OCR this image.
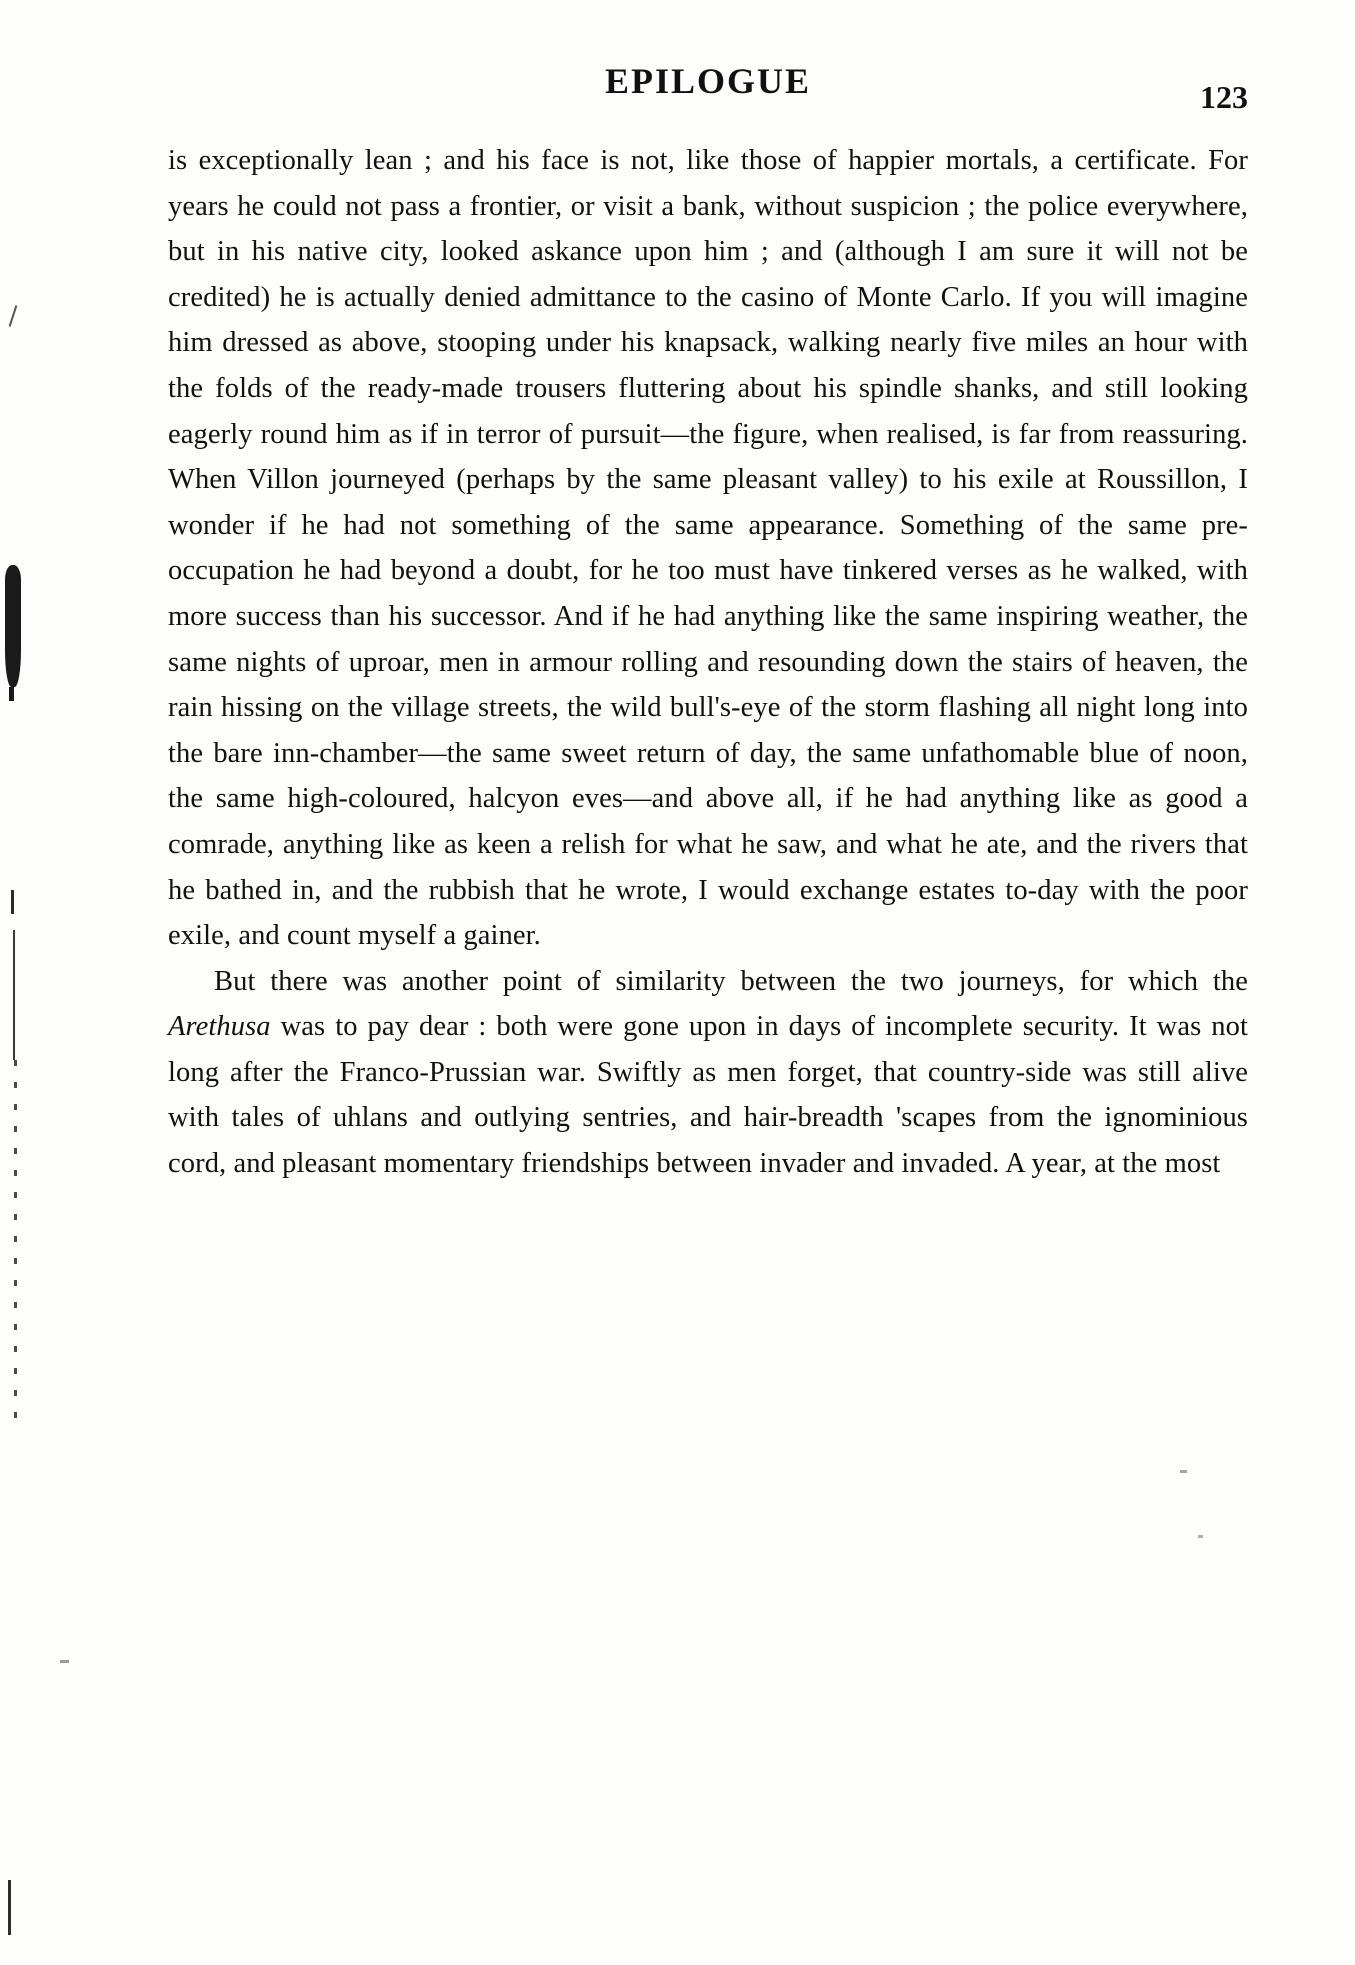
EPILOGUE	123

is exceptionally lean ; and his face is not, like those of happier mortals, a certificate. For years he could not pass a frontier, or visit a bank, without suspicion ; the police everywhere, but in his native city, looked askance upon him ; and (although I am sure it will not be credited) he is actually denied admittance to the casino of Monte Carlo. If you will imagine him dressed as above, stooping under his knapsack, walking nearly five miles an hour with the folds of the ready-made trousers fluttering about his spindle shanks, and still looking eagerly round him as if in terror of pursuit—the figure, when realised, is far from reassuring. When Villon journeyed (perhaps by the same pleasant valley) to his exile at Roussillon, I wonder if he had not something of the same appearance. Something of the same pre-occupation he had beyond a doubt, for he too must have tinkered verses as he walked, with more success than his successor. And if he had anything like the same inspiring weather, the same nights of uproar, men in armour rolling and resounding down the stairs of heaven, the rain hissing on the village streets, the wild bull's-eye of the storm flashing all night long into the bare inn-chamber—the same sweet return of day, the same unfathomable blue of noon, the same high-coloured, halcyon eves—and above all, if he had anything like as good a comrade, anything like as keen a relish for what he saw, and what he ate, and the rivers that he bathed in, and the rubbish that he wrote, I would exchange estates to-day with the poor exile, and count myself a gainer.

But there was another point of similarity between the two journeys, for which the Arethusa was to pay dear : both were gone upon in days of incomplete security. It was not long after the Franco-Prussian war. Swiftly as men forget, that country-side was still alive with tales of uhlans and outlying sentries, and hair-breadth 'scapes from the ignominious cord, and pleasant momentary friendships between invader and invaded. A year, at the most
